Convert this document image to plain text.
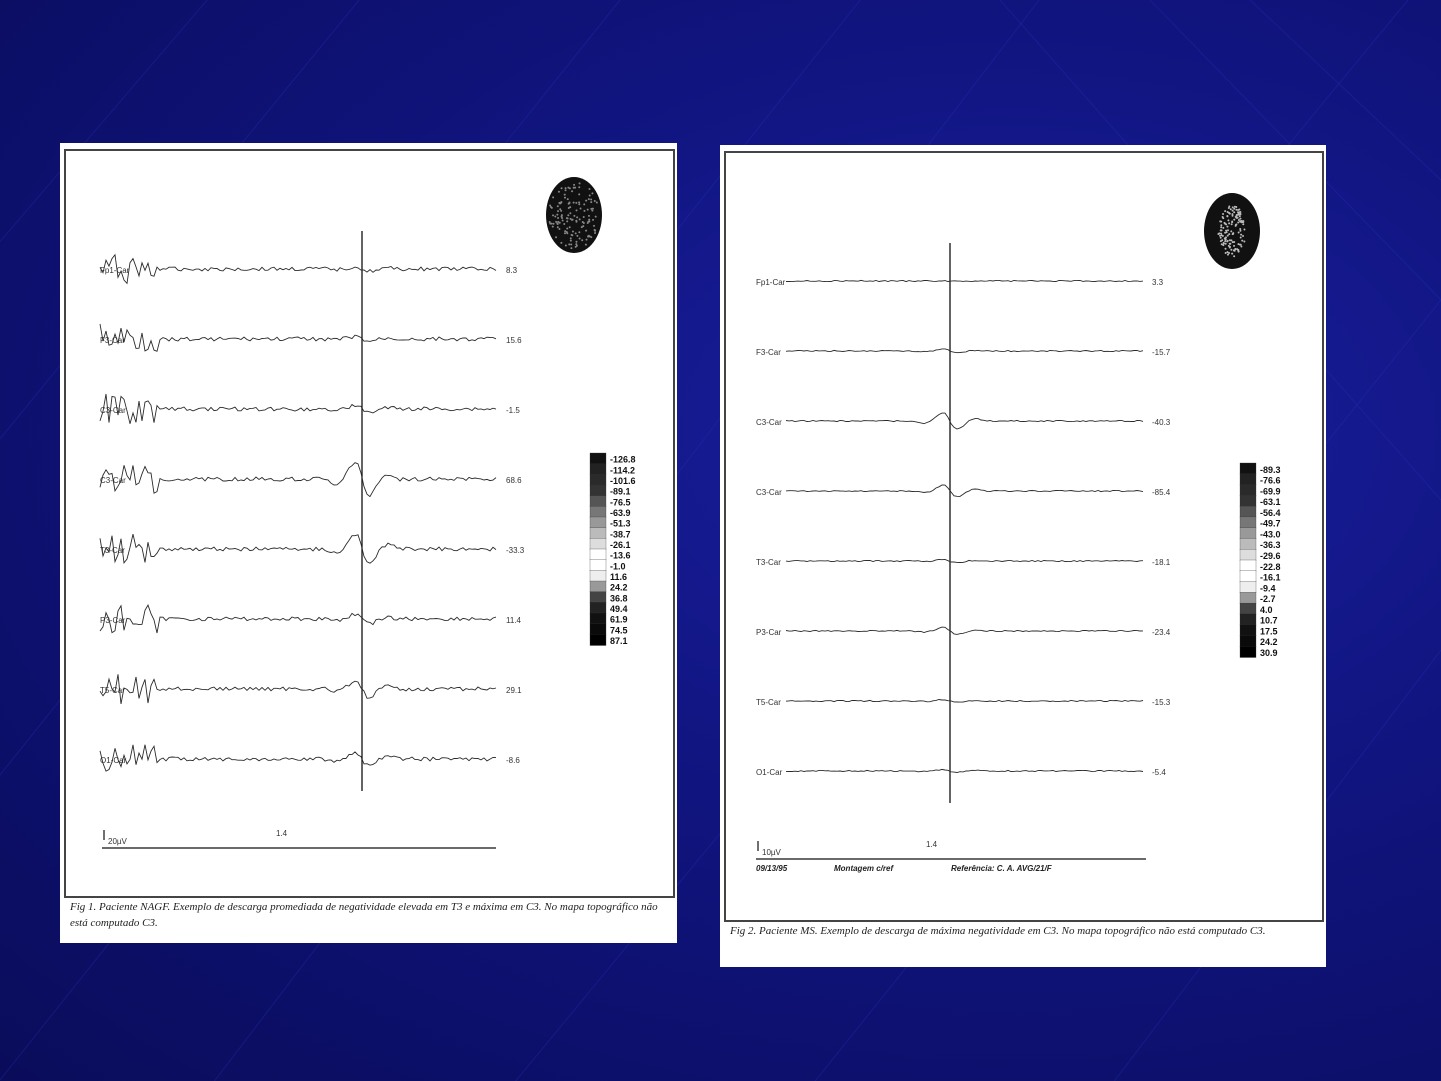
Fp1-Car	8.3
F3-Car	15.6
C3-Car	-1.5
C3-Car	68.6
T3-Car	-33.3
P3-Car	11.4
T5-Car	29.1
O1-Car	-8.6
-126.8
-114.2
-101.6
-89.1
-76.5
-63.9
-51.3
-38.7
-26.1
-13.6
-1.0
11.6
24.2
36.8
49.4
61.9
74.5
87.1
20µV
1.4
Fig 1. Paciente NAGF. Exemplo de descarga promediada de negatividade elevada em T3 e máxima em C3. No mapa topográfico não está computado C3.
Fp1-Car	3.3
F3-Car	-15.7
C3-Car	-40.3
C3-Car	-85.4
T3-Car	-18.1
P3-Car	-23.4
T5-Car	-15.3
O1-Car	-5.4
-89.3
-76.6
-69.9
-63.1
-56.4
-49.7
-43.0
-36.3
-29.6
-22.8
-16.1
-9.4
-2.7
4.0
10.7
17.5
24.2
30.9
10µV
1.4
09/13/95	Montagem c/ref	Referência: C. A. AVG/21/F
Fig 2. Paciente MS. Exemplo de descarga de máxima negatividade em C3. No mapa topográfico não está computado C3.
